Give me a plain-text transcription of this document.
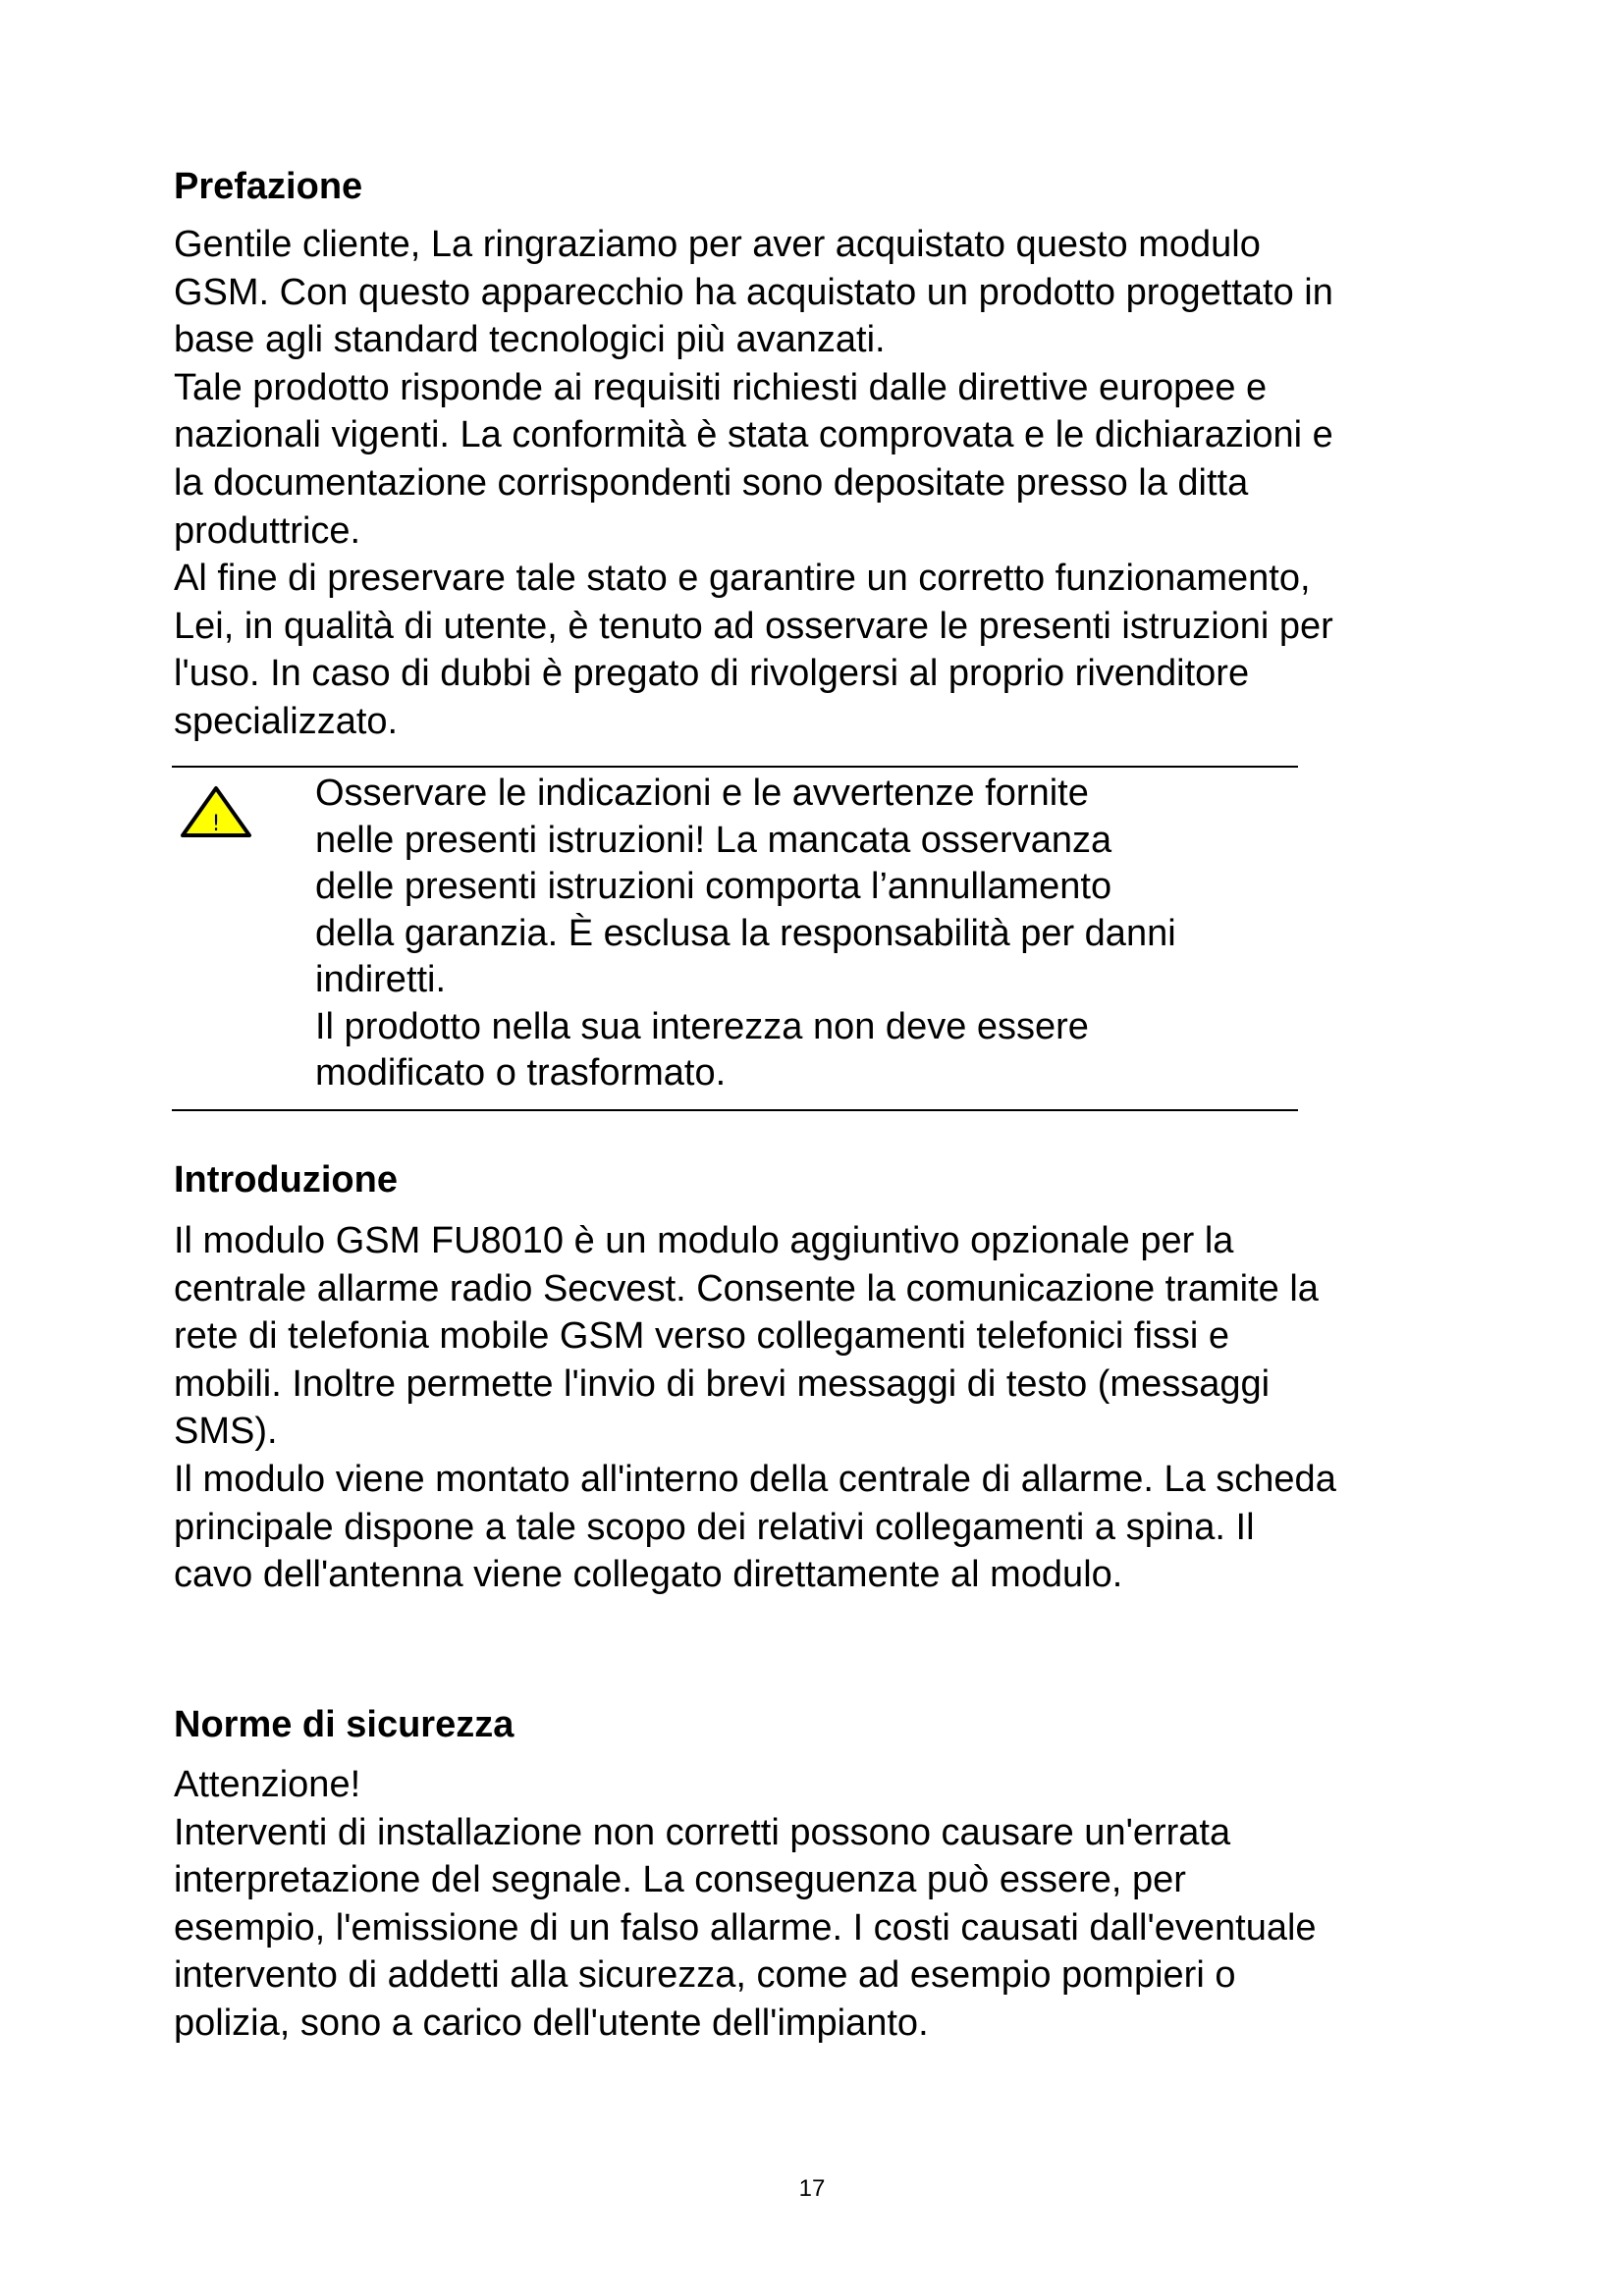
Prefazione

Gentile cliente, La ringraziamo per aver acquistato questo modulo

GSM. Con questo apparecchio ha acquistato un prodotto progettato in

base agli standard tecnologici più avanzati.

Tale prodotto risponde ai requisiti richiesti dalle direttive europee e

nazionali vigenti. La conformità è stata comprovata e le dichiarazioni e

la documentazione corrispondenti sono depositate presso la ditta

produttrice.

Al fine di preservare tale stato e garantire un corretto funzionamento,

Lei, in qualità di utente, è tenuto ad osservare le presenti istruzioni per

l'uso. In caso di dubbi è pregato di rivolgersi al proprio rivenditore

specializzato.

!

Osservare le indicazioni e le avvertenze fornite

nelle presenti istruzioni! La mancata osservanza

delle presenti istruzioni comporta l’annullamento

della garanzia. È esclusa la responsabilità per danni

indiretti.

Il prodotto nella sua interezza non deve essere

modificato o trasformato.

Introduzione

Il modulo GSM FU8010 è un modulo aggiuntivo opzionale per la

centrale allarme radio Secvest. Consente la comunicazione tramite la

rete di telefonia mobile GSM verso collegamenti telefonici fissi e

mobili. Inoltre permette l'invio di brevi messaggi di testo (messaggi

SMS).

Il modulo viene montato all'interno della centrale di allarme. La scheda

principale dispone a tale scopo dei relativi collegamenti a spina. Il

cavo dell'antenna viene collegato direttamente al modulo.

Norme di sicurezza

Attenzione!

Interventi di installazione non corretti possono causare un'errata

interpretazione del segnale. La conseguenza può essere, per

esempio, l'emissione di un falso allarme. I costi causati dall'eventuale

intervento di addetti alla sicurezza, come ad esempio pompieri o

polizia, sono a carico dell'utente dell'impianto.

17
